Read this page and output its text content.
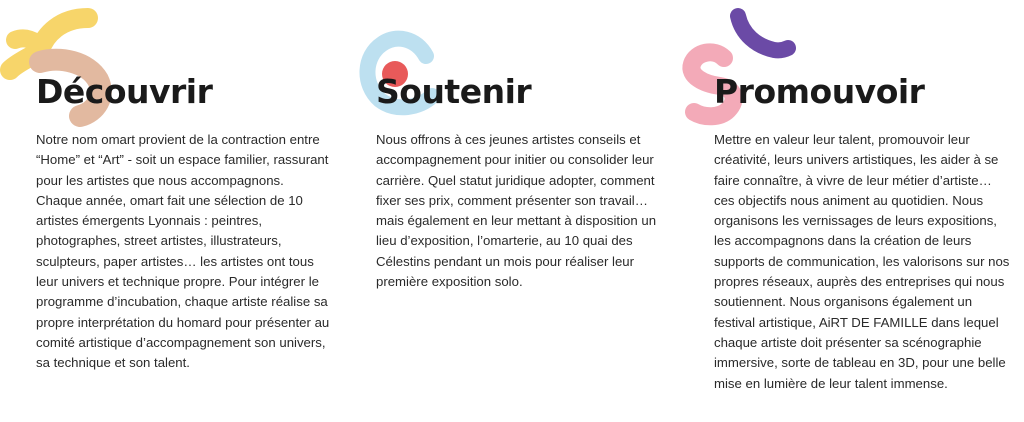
Découvrir

Notre nom omart provient de la contraction entre “Home” et “Art” - soit un espace familier, rassurant pour les artistes que nous accompagnons. Chaque année, omart fait une sélection de 10 artistes émergents Lyonnais : peintres, photographes, street artistes, illustrateurs, sculpteurs, paper artistes… les artistes ont tous leur univers et technique propre. Pour intégrer le programme d’incubation, chaque artiste réalise sa propre interprétation du homard pour présenter au comité artistique d’accompagnement son univers, sa technique et son talent.

Soutenir

Nous offrons à ces jeunes artistes conseils et accompagnement pour initier ou consolider leur carrière. Quel statut juridique adopter, comment fixer ses prix, comment présenter son travail… mais également en leur mettant à disposition un lieu d’exposition, l’omarterie, au 10 quai des Célestins pendant un mois pour réaliser leur première exposition solo.

Promouvoir

Mettre en valeur leur talent, promouvoir leur créativité, leurs univers artistiques, les aider à se faire connaître, à vivre de leur métier d’artiste… ces objectifs nous animent au quotidien. Nous organisons les vernissages de leurs expositions, les accompagnons dans la création de leurs supports de communication, les valorisons sur nos propres réseaux, auprès des entreprises qui nous soutiennent. Nous organisons également un festival artistique, AiRT DE FAMILLE dans lequel chaque artiste doit présenter sa scénographie immersive, sorte de tableau en 3D, pour une belle mise en lumière de leur talent immense.
